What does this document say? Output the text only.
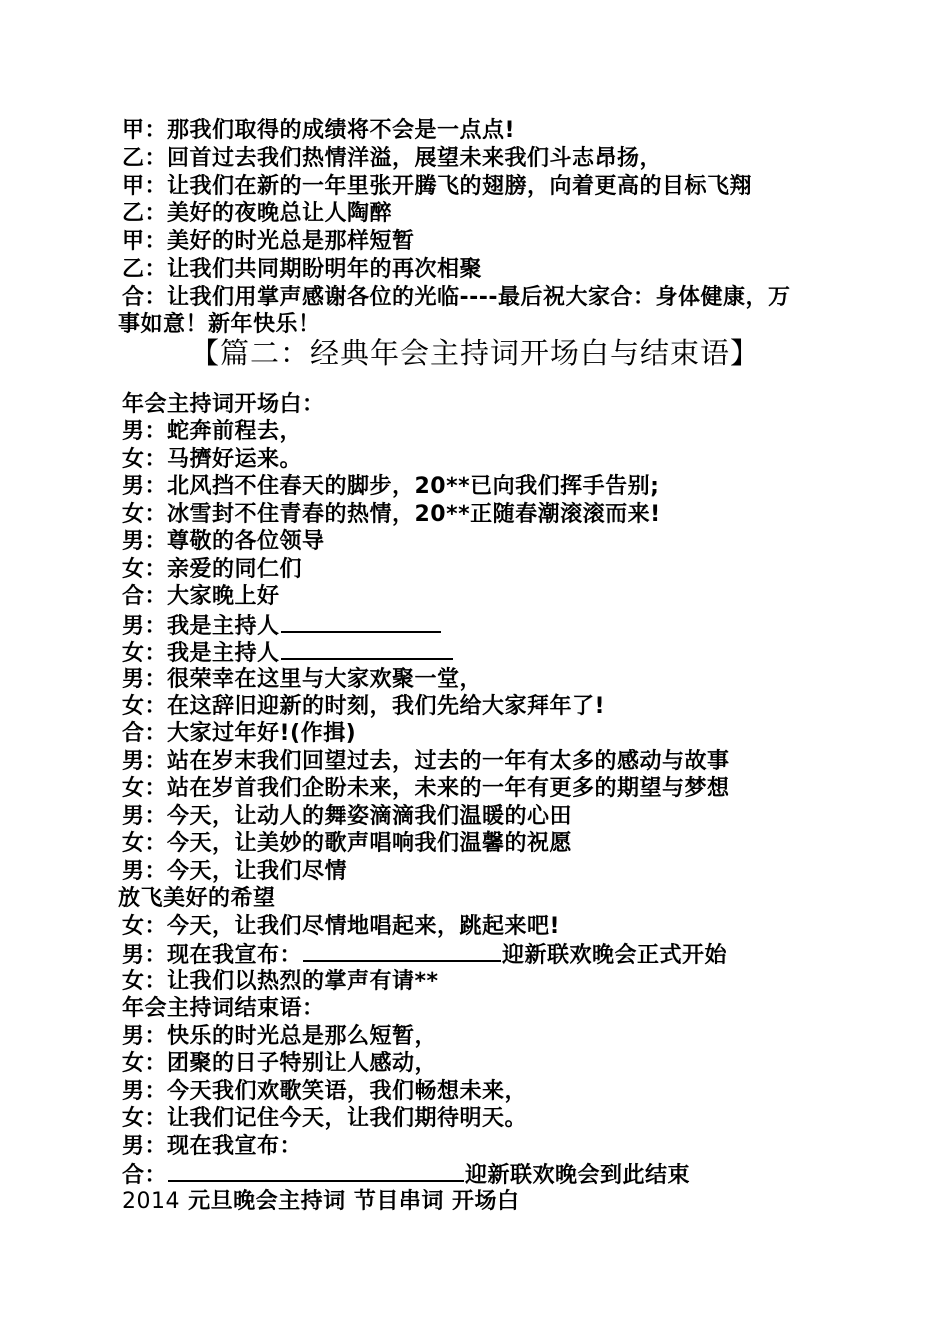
甲：那我们取得的成绩将不会是一点点!
乙：回首过去我们热情洋溢，展望未来我们斗志昂扬，
甲：让我们在新的一年里张开腾飞的翅膀，向着更高的目标飞翔
乙：美好的夜晚总让人陶醉
甲：美好的时光总是那样短暂
乙：让我们共同期盼明年的再次相聚
合：让我们用掌声感谢各位的光临----最后祝大家合：身体健康，万
事如意！新年快乐！
【篇二：经典年会主持词开场白与结束语】
年会主持词开场白：
男：蛇奔前程去，
女：马擠好运来。
男：北风挡不住春天的脚步，20**已向我们挥手告别;
女：冰雪封不住青春的热情，20**正随春潮滚滚而来!
男：尊敬的各位领导
女：亲爱的同仁们
合：大家晚上好
男：我是主持人
女：我是主持人
男：很荣幸在这里与大家欢聚一堂，
女：在这辞旧迎新的时刻，我们先给大家拜年了!
合：大家过年好!(作揖)
男：站在岁末我们回望过去，过去的一年有太多的感动与故事
女：站在岁首我们企盼未来，未来的一年有更多的期望与梦想
男：今天，让动人的舞姿滴滴我们温暖的心田
女：今天，让美妙的歌声唱响我们温馨的祝愿
男：今天，让我们尽情
放飞美好的希望
女：今天，让我们尽情地唱起来，跳起来吧!
男：现在我宣布：	迎新联欢晚会正式开始
女：让我们以热烈的掌声有请**
年会主持词结束语：
男：快乐的时光总是那么短暂，
女：团聚的日子特别让人感动，
男：今天我们欢歌笑语，我们畅想未来，
女：让我们记住今天，让我们期待明天。
男：现在我宣布：
合：	迎新联欢晚会到此结束
2014 元旦晚会主持词 节目串词 开场白
